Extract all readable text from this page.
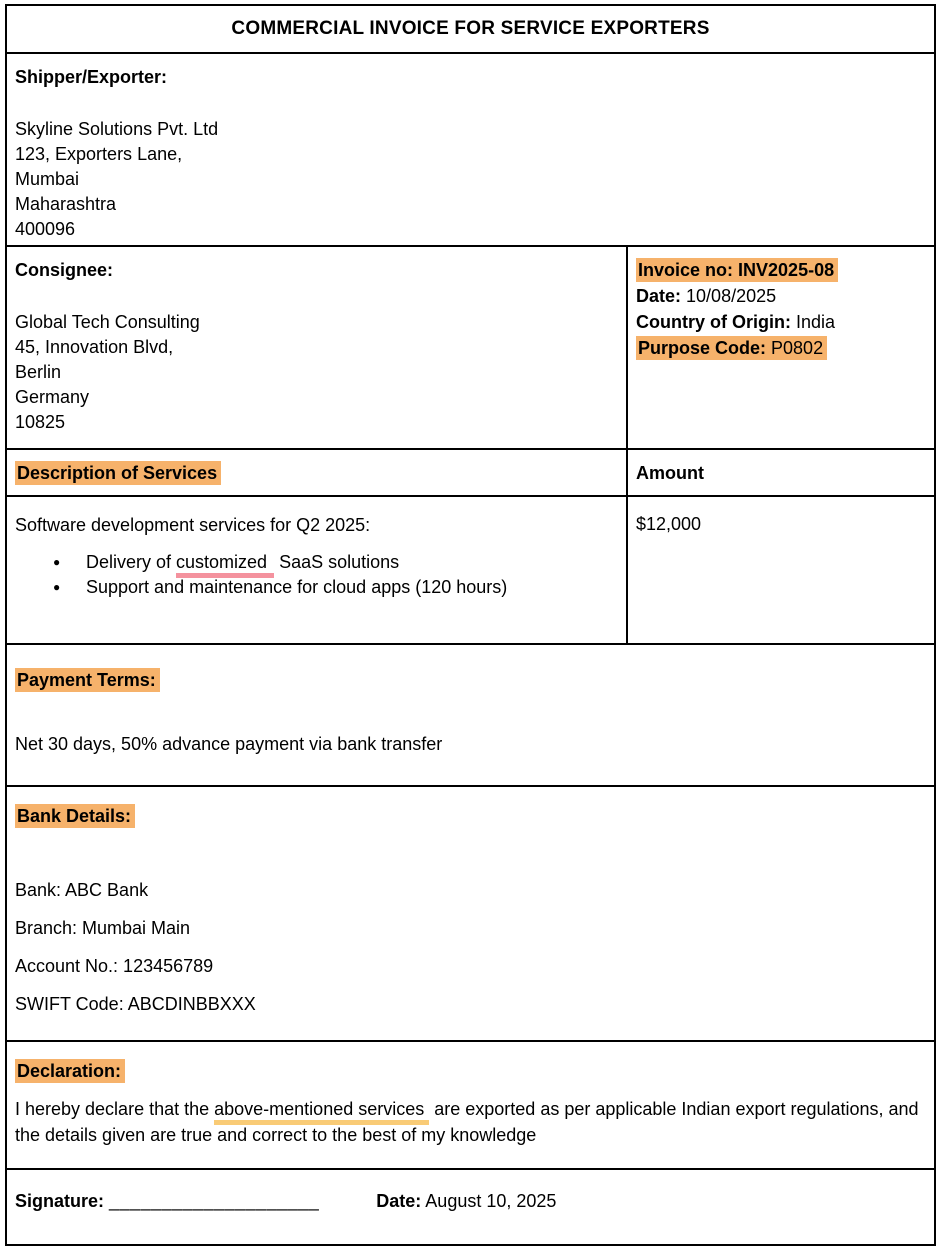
COMMERCIAL INVOICE FOR SERVICE EXPORTERS
Shipper/Exporter:
Skyline Solutions Pvt. Ltd
123, Exporters Lane,
Mumbai
Maharashtra
400096
Consignee:
Global Tech Consulting
45, Innovation Blvd,
Berlin
Germany
10825
Invoice no: INV2025-08
Date: 10/08/2025
Country of Origin: India
Purpose Code: P0802
Description of Services	Amount
Software development services for Q2 2025:
●	Delivery of customized SaaS solutions
●	Support and maintenance for cloud apps (120 hours)
$12,000
Payment Terms:
Net 30 days, 50% advance payment via bank transfer
Bank Details:
Bank: ABC Bank
Branch: Mumbai Main
Account No.: 123456789
SWIFT Code: ABCDINBBXXX
Declaration:
I hereby declare that the above-mentioned services are exported as per applicable Indian export regulations, and the details given are true and correct to the best of my knowledge
Signature: ____________________	Date: August 10, 2025
